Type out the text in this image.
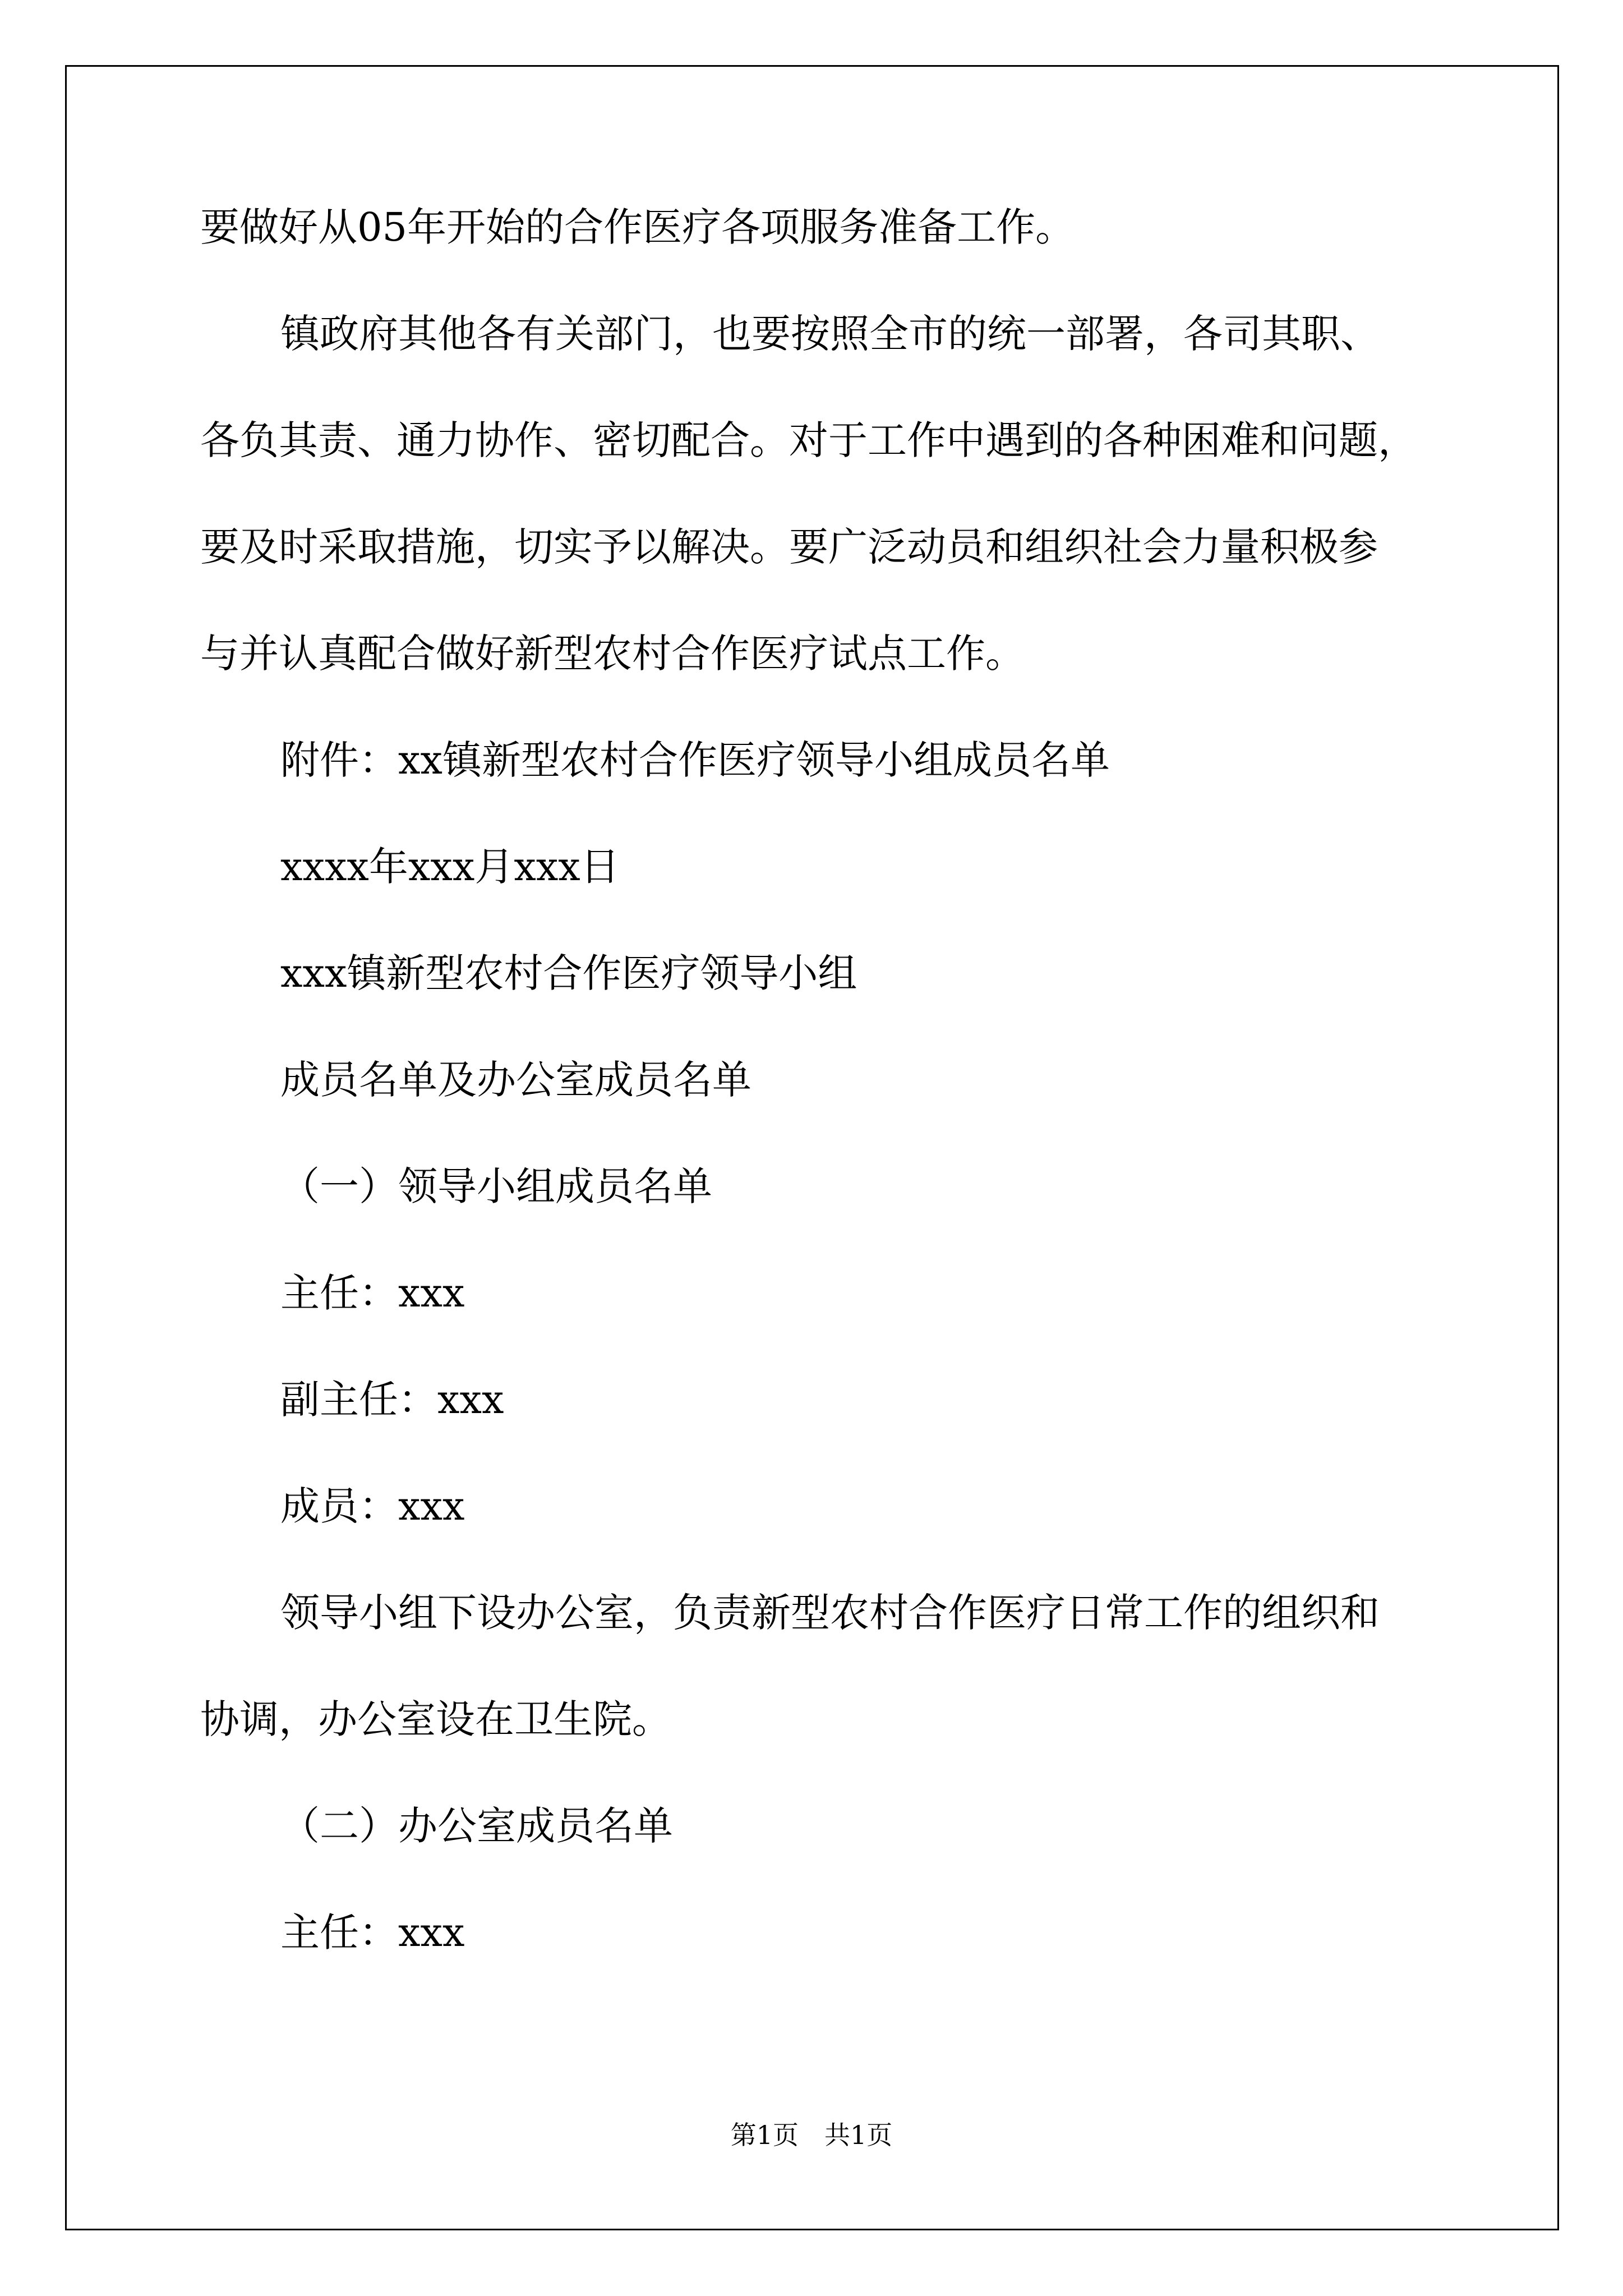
要做好从05年开始的合作医疗各项服务准备工作。
镇政府其他各有关部门，也要按照全市的统一部署，各司其职、
各负其责、通力协作、密切配合。对于工作中遇到的各种困难和问题，
要及时采取措施，切实予以解决。要广泛动员和组织社会力量积极参
与并认真配合做好新型农村合作医疗试点工作。
附件：xx镇新型农村合作医疗领导小组成员名单
xxxx年xxx月xxx日
xxx镇新型农村合作医疗领导小组
成员名单及办公室成员名单
（一）领导小组成员名单
主任：xxx
副主任：xxx
成员：xxx
领导小组下设办公室，负责新型农村合作医疗日常工作的组织和
协调，办公室设在卫生院。
（二）办公室成员名单
主任：xxx
第1页 共1页
